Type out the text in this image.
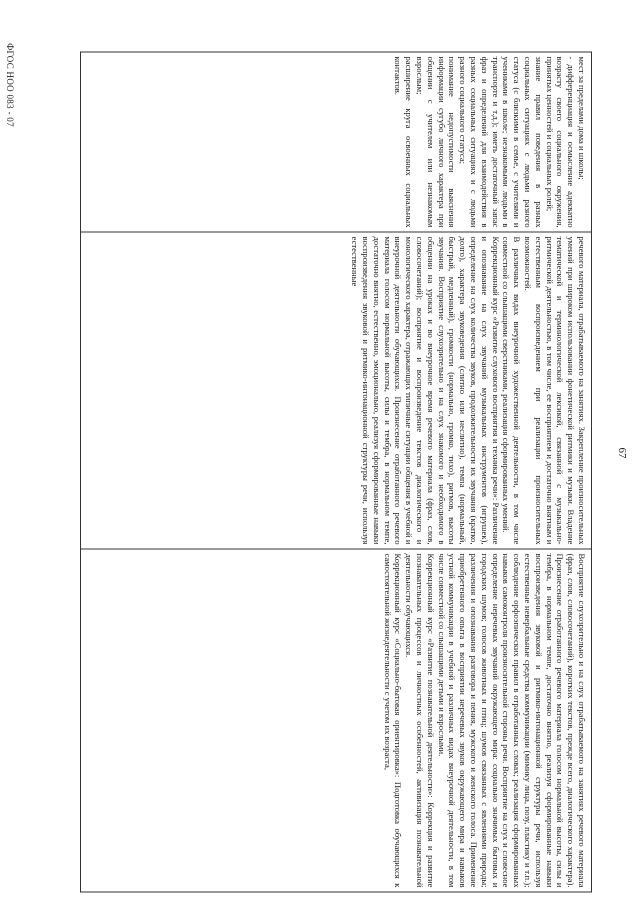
67

мест за пределами дома и школы;

- дифференциация и осмысление адекватно возрасту своего социального окружения, принятых ценностей и социальных ролей;

знание правил поведения в разных социальных ситуациях с людьми разного статуса (с близкими в семье, с учителями и учениками в школе; незнакомыми людьми в транспорте и т.д.); иметь достаточный запас фраз и определений для взаимодействия в разных социальных ситуациях и с людьми разного социального статуса;

понимание недопустимости выяснения информации сугубо личного характера при общении с учителем или незнакомым взрослым;

расширение круга освоенных социальных контактов.

речевого материала, отрабатываемого на занятиях. Закрепление произносительных умений при широком использовании фонетической ритмики и музыки. Владение тематической и терминологической лексикой, связанной с музыкально-ритмической деятельностью, в том числе, ее восприятием и достаточно внятным и естественным воспроизведением при реализации произносительных возможностей.

В различных видах внеурочной художественной деятельности, в том числе совместной со слышащими сверстниками, реализация сформированных умений.

Коррекционный курс «Развитие слухового восприятия и техника речи»: Различение и опознавание на слух звучаний музыкальных инструментов (игрушек), определение на слух количества звуков, продолжительности их звучания (кратко, долго), характера звуковедения (слитно или неслитно), темпа (нормальный, быстрый, медленный), громкости (нормально, громко, тихо), ритмов, высоты звучания. Восприятие слухозрительно и на слух знакомого и необходимого в общении на уроках и во внеурочное время речевого материала (фраз, слов, словосочетаний); восприятие и воспроизведение текстов диалогического и монологического характера, отражающих типичные ситуации общения в учебной и внеурочной деятельности обучающихся. Произнесение отработанного речевого материала голосом нормальной высоты, силы и тембра, в нормальном темпе, достаточно внятно, естественно, эмоционально, реализуя сформированные навыки воспроизведения звуковой и ритмико-интонационной структуры речи, используя естественные

Восприятие слухозрительно и на слух отрабатываемого на занятиях речевого материала (фраз, слов, словосочетаний), коротких текстов, прежде всего, диалогического характера). Произнесение отработанного речевого материала голосом нормальной высоты, силы и тембра, в нормальном темпе, достаточно внятно, реализуя сформированные навыки воспроизведения звуковой и ритмико-интонационной структуры речи, используя естественные невербальные средства коммуникации (мимику лица, позу, пластику и т.п.); соблюдение орфоэпических правил в отработанных словах; реализация сформированных навыков самоконтроля произносительной стороны речи. Восприятие на слух и словесное определение неречевых звучаний окружающего мира: социально значимых бытовых и городских шумов; голосов животных и птиц; шумов связанных с явлениями природы; различения и опознавания разговора и пения, мужского и женского голоса. Применение приобретенного опыта в восприятии неречевых звуков окружающего мира и навыков устной коммуникации в учебной и различных видах внеурочной деятельности, в том числе совместной со слышащими детьми и взрослыми.

Коррекционный курс «Развитие познавательной деятельности»: Коррекция и развитие познавательных процессов и личностных особенностей, активизация познавательной деятельности обучающихся.

Коррекционный курс «Социально-бытовая ориентировка»: Подготовка обучающихся к самостоятельной жизнедеятельности с учетом их возраста,

ФГОС НОО 083 - 07
